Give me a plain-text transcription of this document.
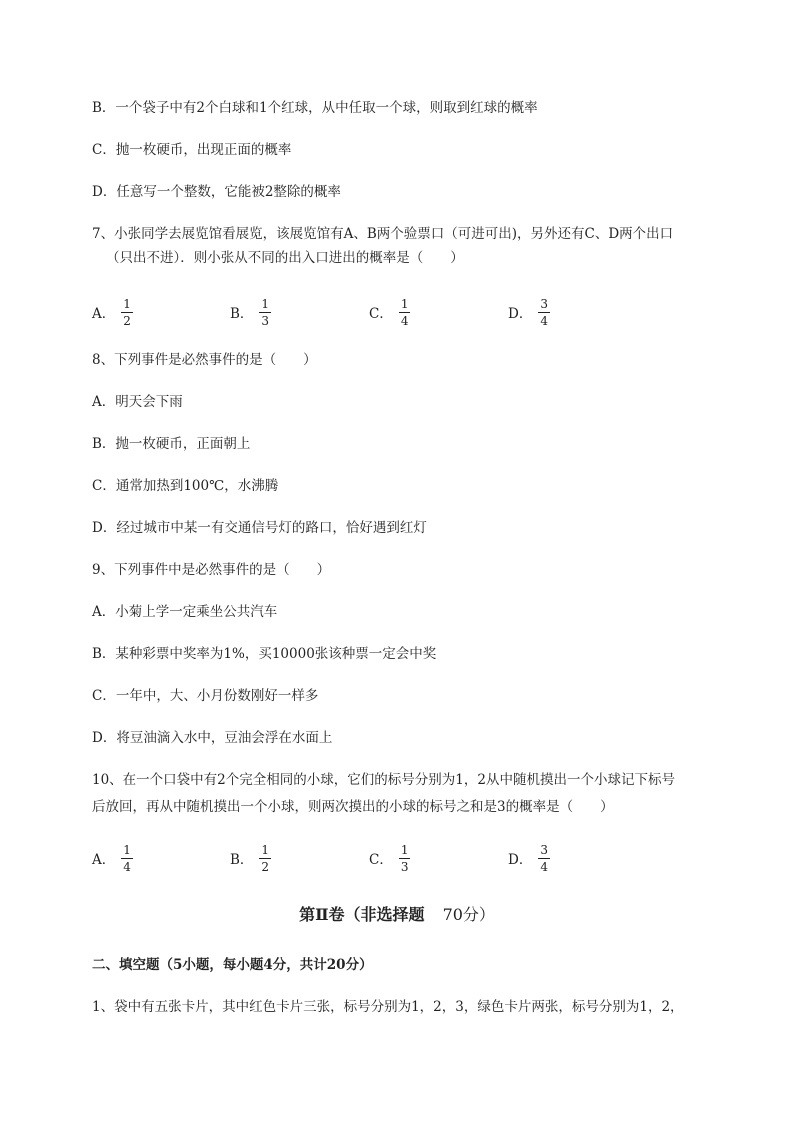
B．一个袋子中有2个白球和1个红球，从中任取一个球，则取到红球的概率
C．抛一枚硬币，出现正面的概率
D．任意写一个整数，它能被2整除的概率
7、小张同学去展览馆看展览，该展览馆有A、B两个验票口（可进可出)，另外还有C、D两个出口
（只出不进）．则小张从不同的出入口进出的概率是（　　）
A． $\frac{1}{2}$	B． $\frac{1}{3}$	C． $\frac{1}{4}$	D． $\frac{3}{4}$
8、下列事件是必然事件的是（　　）
A．明天会下雨
B．抛一枚硬币，正面朝上
C．通常加热到100℃，水沸腾
D．经过城市中某一有交通信号灯的路口，恰好遇到红灯
9、下列事件中是必然事件的是（　　）
A．小菊上学一定乘坐公共汽车
B．某种彩票中奖率为1%，买10000张该种票一定会中奖
C．一年中，大、小月份数刚好一样多
D．将豆油滴入水中，豆油会浮在水面上
10、在一个口袋中有2个完全相同的小球，它们的标号分别为1，2从中随机摸出一个小球记下标号
后放回，再从中随机摸出一个小球，则两次摸出的小球的标号之和是3的概率是（　　）
A． $\frac{1}{4}$	B． $\frac{1}{2}$	C． $\frac{1}{3}$	D． $\frac{3}{4}$
第Ⅱ卷（非选择题 70分）
二、填空题（5小题，每小题4分，共计20分）
1、袋中有五张卡片，其中红色卡片三张，标号分别为1，2，3，绿色卡片两张，标号分别为1，2，
